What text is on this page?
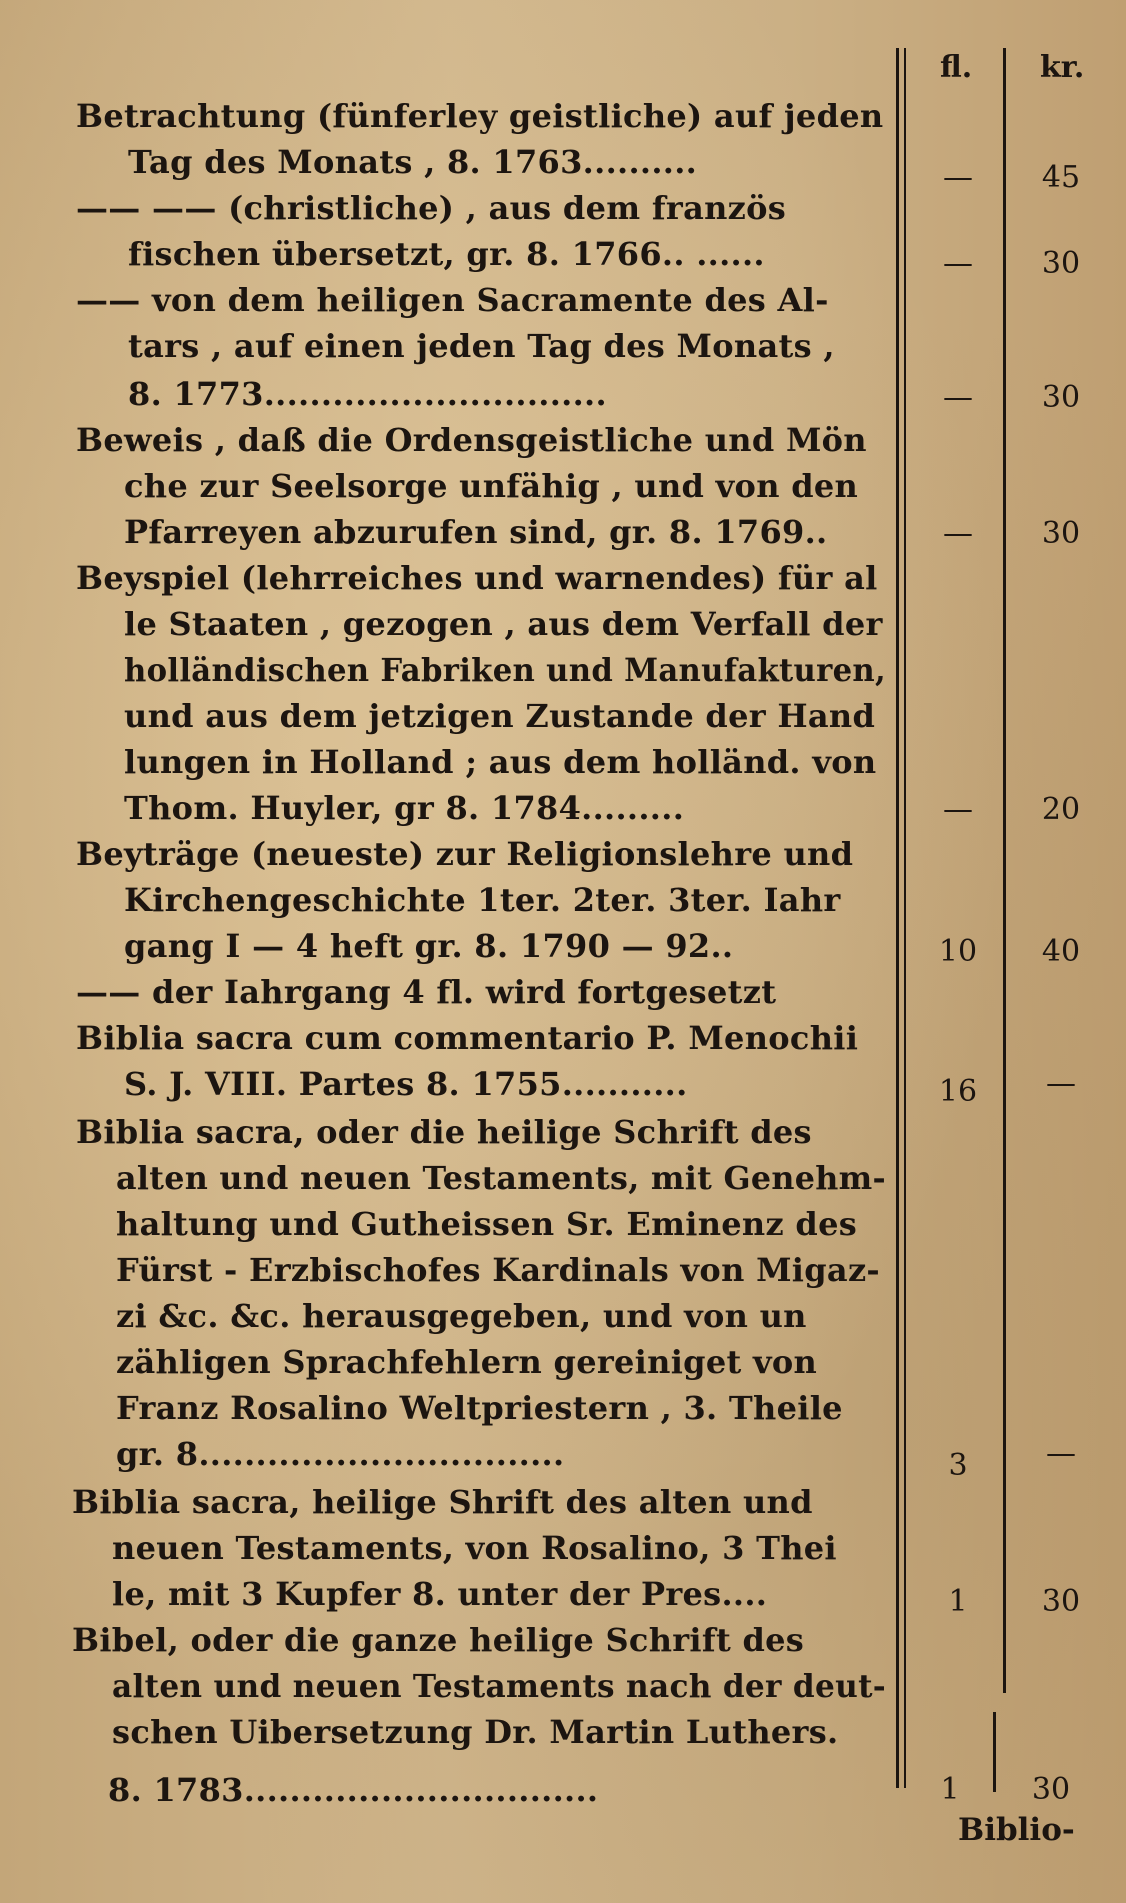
fl. kr.
Betrachtung (fünferley geistliche) auf jeden
Tag des Monats , 8. 1763..........
—— —— (christliche) , aus dem französ
fischen übersetzt, gr. 8. 1766.. ......
—— von dem heiligen Sacramente des Al-
tars , auf einen jeden Tag des Monats ,
8. 1773..............................
Beweis , daß die Ordensgeistliche und Mön
che zur Seelsorge unfähig , und von den
Pfarreyen abzurufen sind, gr. 8. 1769..
Beyspiel (lehrreiches und warnendes) für al
le Staaten , gezogen , aus dem Verfall der
holländischen Fabriken und Manufakturen,
und aus dem jetzigen Zustande der Hand
lungen in Holland ; aus dem holländ. von
Thom. Huyler, gr 8. 1784.........
Beyträge (neueste) zur Religionslehre und
Kirchengeschichte 1ter. 2ter. 3ter. Iahr
gang I — 4 heft gr. 8. 1790 — 92..
—— der Iahrgang 4 fl. wird fortgesetzt
Biblia sacra cum commentario P. Menochii
S. J. VIII. Partes 8. 1755...........
Biblia sacra, oder die heilige Schrift des
alten und neuen Testaments, mit Genehm-
haltung und Gutheissen Sr. Eminenz des
Fürst - Erzbischofes Kardinals von Migaz-
zi &c. &c. herausgegeben, und von un
zähligen Sprachfehlern gereiniget von
Franz Rosalino Weltpriestern , 3. Theile
gr. 8................................
Biblia sacra, heilige Shrift des alten und
neuen Testaments, von Rosalino, 3 Thei
le, mit 3 Kupfer 8. unter der Pres....
Bibel, oder die ganze heilige Schrift des
alten und neuen Testaments nach der deut-
schen Uibersetzung Dr. Martin Luthers.
8. 1783...............................
—
—
—
—
—
10
16
3
1
1
45
30
30
30
20
40
—
—
30
30
Biblio-
